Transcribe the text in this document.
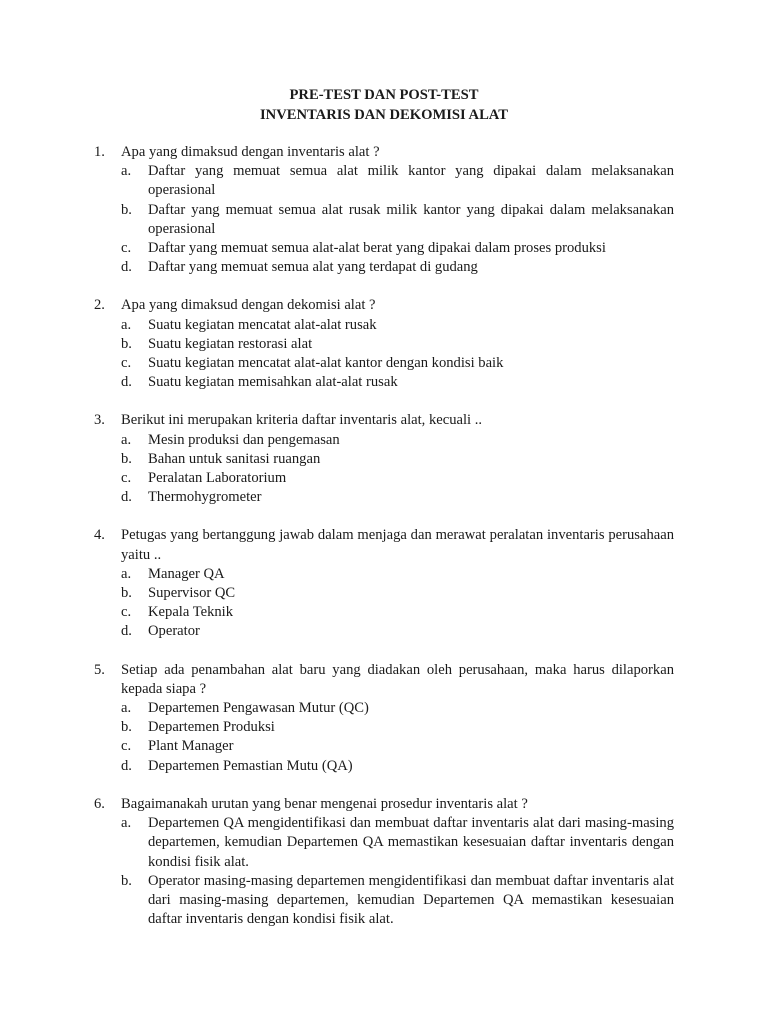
PRE-TEST DAN POST-TEST

INVENTARIS DAN DEKOMISI ALAT

1.	Apa yang dimaksud dengan inventaris alat ?
a.	Daftar yang memuat semua alat milik kantor yang dipakai dalam melaksanakan operasional
b.	Daftar yang memuat semua alat rusak milik kantor yang dipakai dalam melaksanakan operasional
c.	Daftar yang memuat semua alat-alat berat yang dipakai dalam proses produksi
d.	Daftar yang memuat semua alat yang terdapat di gudang
2.	Apa yang dimaksud dengan dekomisi alat ?
a.	Suatu kegiatan mencatat alat-alat rusak
b.	Suatu kegiatan restorasi alat
c.	Suatu kegiatan mencatat alat-alat kantor dengan kondisi baik
d.	Suatu kegiatan memisahkan alat-alat rusak
3.	Berikut ini merupakan kriteria daftar inventaris alat, kecuali ..
a.	Mesin produksi dan pengemasan
b.	Bahan untuk sanitasi ruangan
c.	Peralatan Laboratorium
d.	Thermohygrometer
4.	Petugas yang bertanggung jawab dalam menjaga dan merawat peralatan inventaris perusahaan yaitu ..
a.	Manager QA
b.	Supervisor QC
c.	Kepala Teknik
d.	Operator
5.	Setiap ada penambahan alat baru yang diadakan oleh perusahaan, maka harus dilaporkan kepada siapa ?
a.	Departemen Pengawasan Mutur (QC)
b.	Departemen Produksi
c.	Plant Manager
d.	Departemen Pemastian Mutu (QA)
6.	Bagaimanakah urutan yang benar mengenai prosedur inventaris alat ?
a.	Departemen QA mengidentifikasi dan membuat daftar inventaris alat dari masing-masing departemen, kemudian Departemen QA memastikan kesesuaian daftar inventaris dengan kondisi fisik alat.
b.	Operator masing-masing departemen mengidentifikasi dan membuat daftar inventaris alat dari masing-masing departemen, kemudian Departemen QA memastikan kesesuaian daftar inventaris dengan kondisi fisik alat.
